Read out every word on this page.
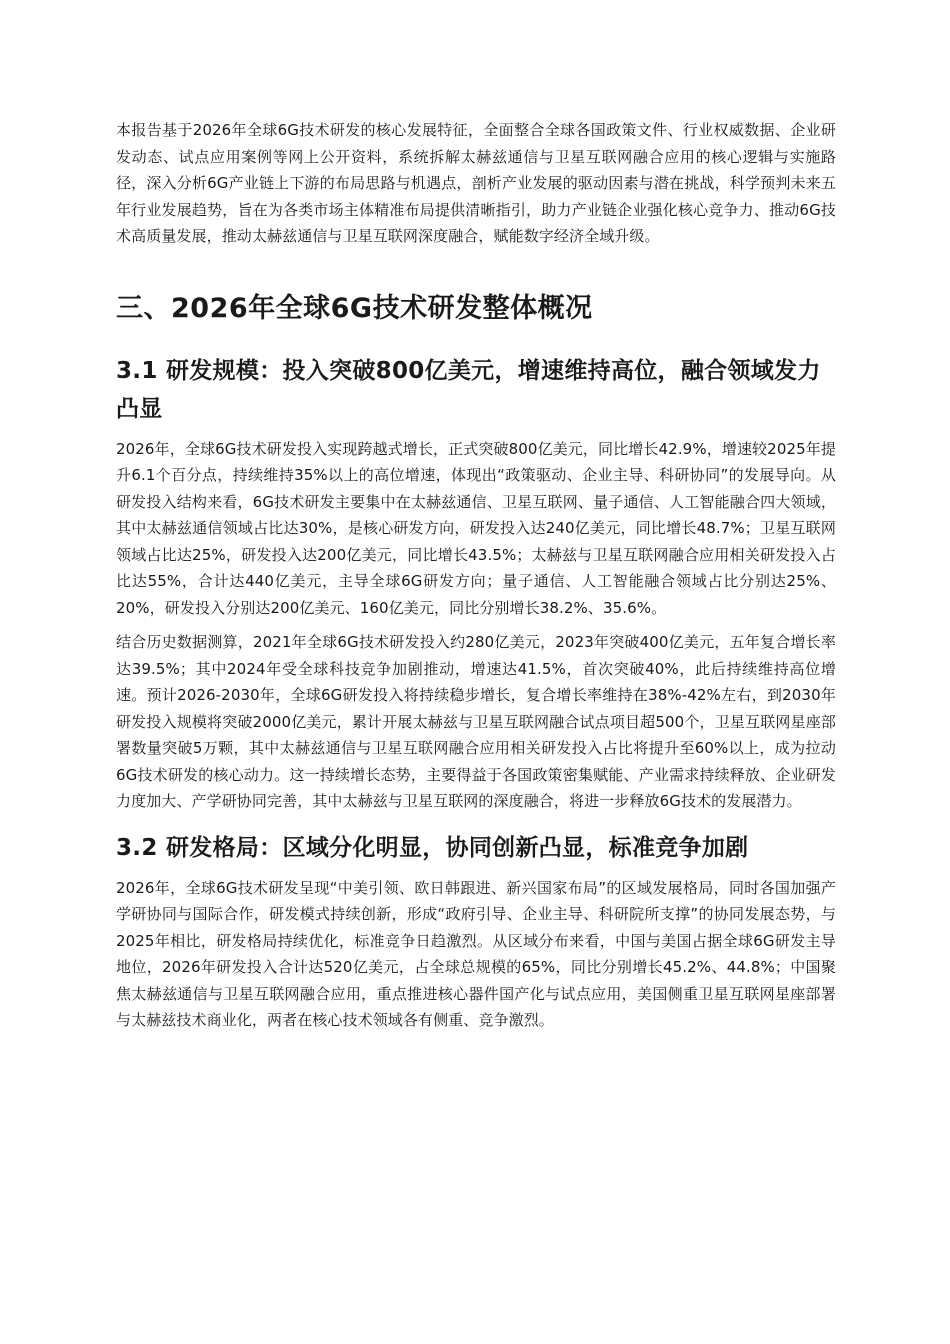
本报告基于2026年全球6G技术研发的核心发展特征，全面整合全球各国政策文件、行业权威数据、企业研发动态、试点应用案例等网上公开资料，系统拆解太赫兹通信与卫星互联网融合应用的核心逻辑与实施路径，深入分析6G产业链上下游的布局思路与机遇点，剖析产业发展的驱动因素与潜在挑战，科学预判未来五年行业发展趋势，旨在为各类市场主体精准布局提供清晰指引，助力产业链企业强化核心竞争力、推动6G技术高质量发展，推动太赫兹通信与卫星互联网深度融合，赋能数字经济全域升级。

三、2026年全球6G技术研发整体概况
3.1 研发规模：投入突破800亿美元，增速维持高位，融合领域发力凸显

2026年，全球6G技术研发投入实现跨越式增长，正式突破800亿美元，同比增长42.9%，增速较2025年提升6.1个百分点，持续维持35%以上的高位增速，体现出“政策驱动、企业主导、科研协同”的发展导向。从研发投入结构来看，6G技术研发主要集中在太赫兹通信、卫星互联网、量子通信、人工智能融合四大领域，其中太赫兹通信领域占比达30%，是核心研发方向，研发投入达240亿美元，同比增长48.7%；卫星互联网领域占比达25%，研发投入达200亿美元，同比增长43.5%；太赫兹与卫星互联网融合应用相关研发投入占比达55%，合计达440亿美元，主导全球6G研发方向；量子通信、人工智能融合领域占比分别达25%、20%，研发投入分别达200亿美元、160亿美元，同比分别增长38.2%、35.6%。

结合历史数据测算，2021年全球6G技术研发投入约280亿美元，2023年突破400亿美元，五年复合增长率达39.5%；其中2024年受全球科技竞争加剧推动，增速达41.5%，首次突破40%，此后持续维持高位增速。预计2026-2030年，全球6G研发投入将持续稳步增长，复合增长率维持在38%-42%左右，到2030年研发投入规模将突破2000亿美元，累计开展太赫兹与卫星互联网融合试点项目超500个，卫星互联网星座部署数量突破5万颗，其中太赫兹通信与卫星互联网融合应用相关研发投入占比将提升至60%以上，成为拉动6G技术研发的核心动力。这一持续增长态势，主要得益于各国政策密集赋能、产业需求持续释放、企业研发力度加大、产学研协同完善，其中太赫兹与卫星互联网的深度融合，将进一步释放6G技术的发展潜力。

3.2 研发格局：区域分化明显，协同创新凸显，标准竞争加剧

2026年，全球6G技术研发呈现“中美引领、欧日韩跟进、新兴国家布局”的区域发展格局，同时各国加强产学研协同与国际合作，研发模式持续创新，形成“政府引导、企业主导、科研院所支撑”的协同发展态势，与2025年相比，研发格局持续优化，标准竞争日趋激烈。从区域分布来看，中国与美国占据全球6G研发主导地位，2026年研发投入合计达520亿美元，占全球总规模的65%，同比分别增长45.2%、44.8%；中国聚焦太赫兹通信与卫星互联网融合应用，重点推进核心器件国产化与试点应用，美国侧重卫星互联网星座部署与太赫兹技术商业化，两者在核心技术领域各有侧重、竞争激烈。
